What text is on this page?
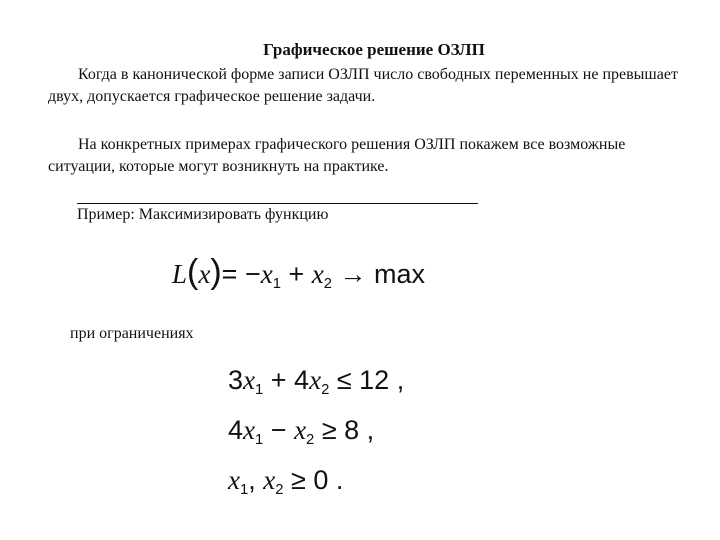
Графическое решение ОЗЛП

Когда в канонической форме записи ОЗЛП число свободных переменных не превышает двух, допускается графическое решение задачи.

На конкретных примерах графического решения ОЗЛП покажем все возможные ситуации, которые могут возникнуть на практике.

Пример: Максимизировать функцию
$L(x)= -x_1 + x_2 \to \max$
при ограничениях
$3x_1 + 4x_2 \le 12$ ,
$4x_1 - x_2 \ge 8$ ,
$x_1$, $x_2 \ge 0$ .
